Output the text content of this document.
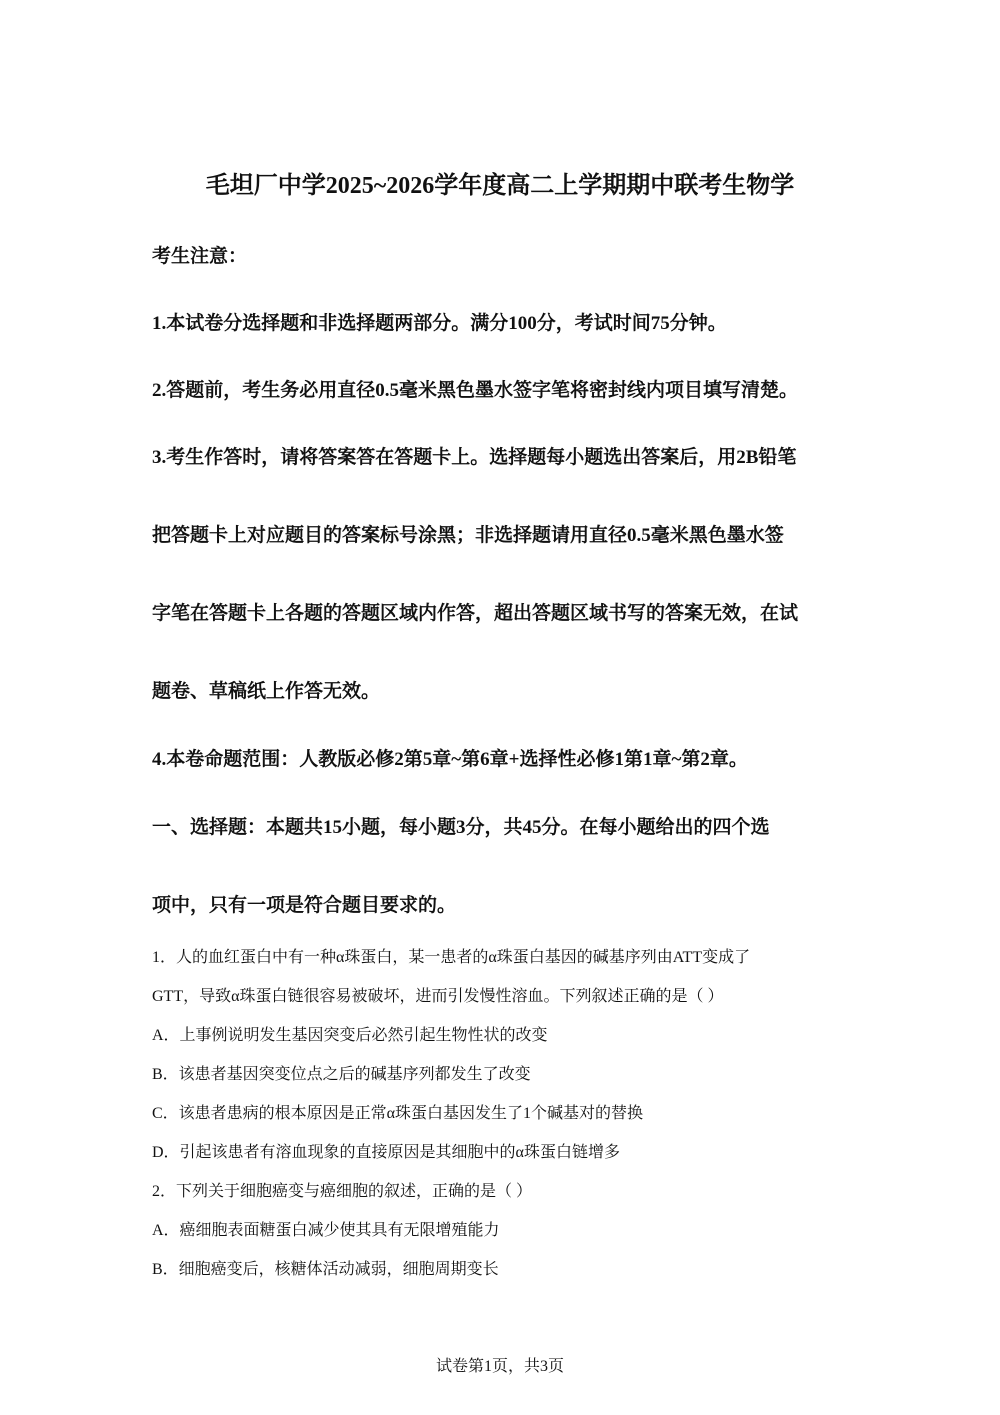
毛坦厂中学2025~2026学年度高二上学期期中联考生物学

考生注意：

1.本试卷分选择题和非选择题两部分。满分100分，考试时间75分钟。

2.答题前，考生务必用直径0.5毫米黑色墨水签字笔将密封线内项目填写清楚。

3.考生作答时，请将答案答在答题卡上。选择题每小题选出答案后，用2B铅笔

把答题卡上对应题目的答案标号涂黑；非选择题请用直径0.5毫米黑色墨水签

字笔在答题卡上各题的答题区域内作答，超出答题区域书写的答案无效，在试

题卷、草稿纸上作答无效。

4.本卷命题范围：人教版必修2第5章~第6章+选择性必修1第1章~第2章。

一、选择题：本题共15小题，每小题3分，共45分。在每小题给出的四个选

项中，只有一项是符合题目要求的。

1．人的血红蛋白中有一种α珠蛋白，某一患者的α珠蛋白基因的碱基序列由ATT变成了

GTT，导致α珠蛋白链很容易被破坏，进而引发慢性溶血。下列叙述正确的是（ ）

A．上事例说明发生基因突变后必然引起生物性状的改变

B．该患者基因突变位点之后的碱基序列都发生了改变

C．该患者患病的根本原因是正常α珠蛋白基因发生了1个碱基对的替换

D．引起该患者有溶血现象的直接原因是其细胞中的α珠蛋白链增多

2．下列关于细胞癌变与癌细胞的叙述，正确的是（ ）

A．癌细胞表面糖蛋白减少使其具有无限增殖能力

B．细胞癌变后，核糖体活动减弱，细胞周期变长

试卷第1页，共3页
